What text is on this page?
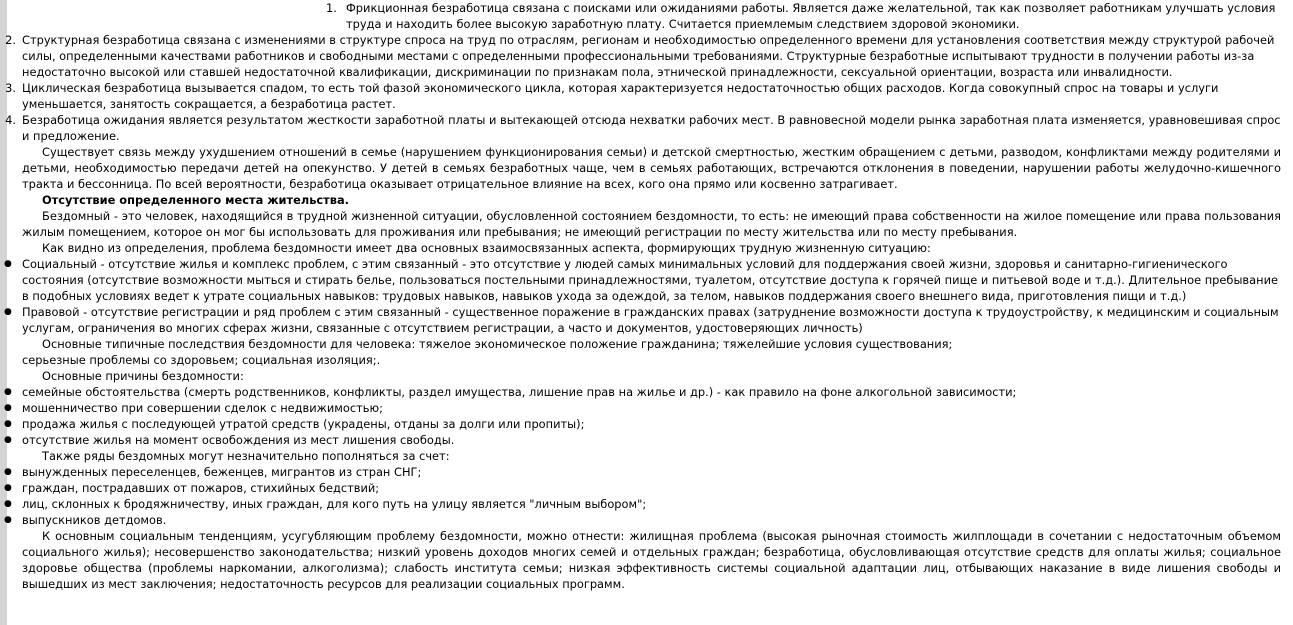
1. Фрикционная безработица связана с поисками или ожиданиями работы. Является даже желательной, так как позволяет работникам улучшать условия труда и находить более высокую заработную плату. Считается приемлемым следствием здоровой экономики.

2. Структурная безработица связана с изменениями в структуре спроса на труд по отраслям, регионам и необходимостью определенного времени для установления соответствия между структурой рабочей силы, определенными качествами работников и свободными местами с определенными профессиональными требованиями. Структурные безработные испытывают трудности в получении работы из-за недостаточно высокой или ставшей недостаточной квалификации, дискриминации по признакам пола, этнической принадлежности, сексуальной ориентации, возраста или инвалидности.

3. Циклическая безработица вызывается спадом, то есть той фазой экономического цикла, которая характеризуется недостаточностью общих расходов. Когда совокупный спрос на товары и услуги уменьшается, занятость сокращается, а безработица растет.

4. Безработица ожидания является результатом жесткости заработной платы и вытекающей отсюда нехватки рабочих мест. В равновесной модели рынка заработная плата изменяется, уравновешивая спрос и предложение.

Существует связь между ухудшением отношений в семье (нарушением функционирования семьи) и детской смертностью, жестким обращением с детьми, разводом, конфликтами между родителями и детьми, необходимостью передачи детей на опекунство. У детей в семьях безработных чаще, чем в семьях работающих, встречаются отклонения в поведении, нарушении работы желудочно-кишечного тракта и бессонница. По всей вероятности, безработица оказывает отрицательное влияние на всех, кого она прямо или косвенно затрагивает.

Отсутствие определенного места жительства.

Бездомный - это человек, находящийся в трудной жизненной ситуации, обусловленной состоянием бездомности, то есть: не имеющий права собственности на жилое помещение или права пользования жилым помещением, которое он мог бы использовать для проживания или пребывания; не имеющий регистрации по месту жительства или по месту пребывания.

Как видно из определения, проблема бездомности имеет два основных взаимосвязанных аспекта, формирующих трудную жизненную ситуацию:

● Социальный - отсутствие жилья и комплекс проблем, с этим связанный - это отсутствие у людей самых минимальных условий для поддержания своей жизни, здоровья и санитарно-гигиенического состояния (отсутствие возможности мыться и стирать белье, пользоваться постельными принадлежностями, туалетом, отсутствие доступа к горячей пище и питьевой воде и т.д.). Длительное пребывание в подобных условиях ведет к утрате социальных навыков: трудовых навыков, навыков ухода за одеждой, за телом, навыков поддержания своего внешнего вида, приготовления пищи и т.д.)

● Правовой - отсутствие регистрации и ряд проблем с этим связанный - существенное поражение в гражданских правах (затруднение возможности доступа к трудоустройству, к медицинским и социальным услугам, ограничения во многих сферах жизни, связанные с отсутствием регистрации, а часто и документов, удостоверяющих личность)

Основные типичные последствия бездомности для человека: тяжелое экономическое положение гражданина; тяжелейшие условия существования;

серьезные проблемы со здоровьем; социальная изоляция;.

Основные причины бездомности:

● семейные обстоятельства (смерть родственников, конфликты, раздел имущества, лишение прав на жилье и др.) - как правило на фоне алкогольной зависимости;

● мошенничество при совершении сделок с недвижимостью;

● продажа жилья с последующей утратой средств (украдены, отданы за долги или пропиты);

● отсутствие жилья на момент освобождения из мест лишения свободы.

Также ряды бездомных могут незначительно пополняться за счет:

● вынужденных переселенцев, беженцев, мигрантов из стран СНГ;

● граждан, пострадавших от пожаров, стихийных бедствий;

● лиц, склонных к бродяжничеству, иных граждан, для кого путь на улицу является "личным выбором";

● выпускников детдомов.

К основным социальным тенденциям, усугубляющим проблему бездомности, можно отнести: жилищная проблема (высокая рыночная стоимость жилплощади в сочетании с недостаточным объемом социального жилья); несовершенство законодательства; низкий уровень доходов многих семей и отдельных граждан; безработица, обусловливающая отсутствие средств для оплаты жилья; социальное здоровье общества (проблемы наркомании, алкоголизма); слабость института семьи; низкая эффективность системы социальной адаптации лиц, отбывающих наказание в виде лишения свободы и вышедших из мест заключения; недостаточность ресурсов для реализации социальных программ.
